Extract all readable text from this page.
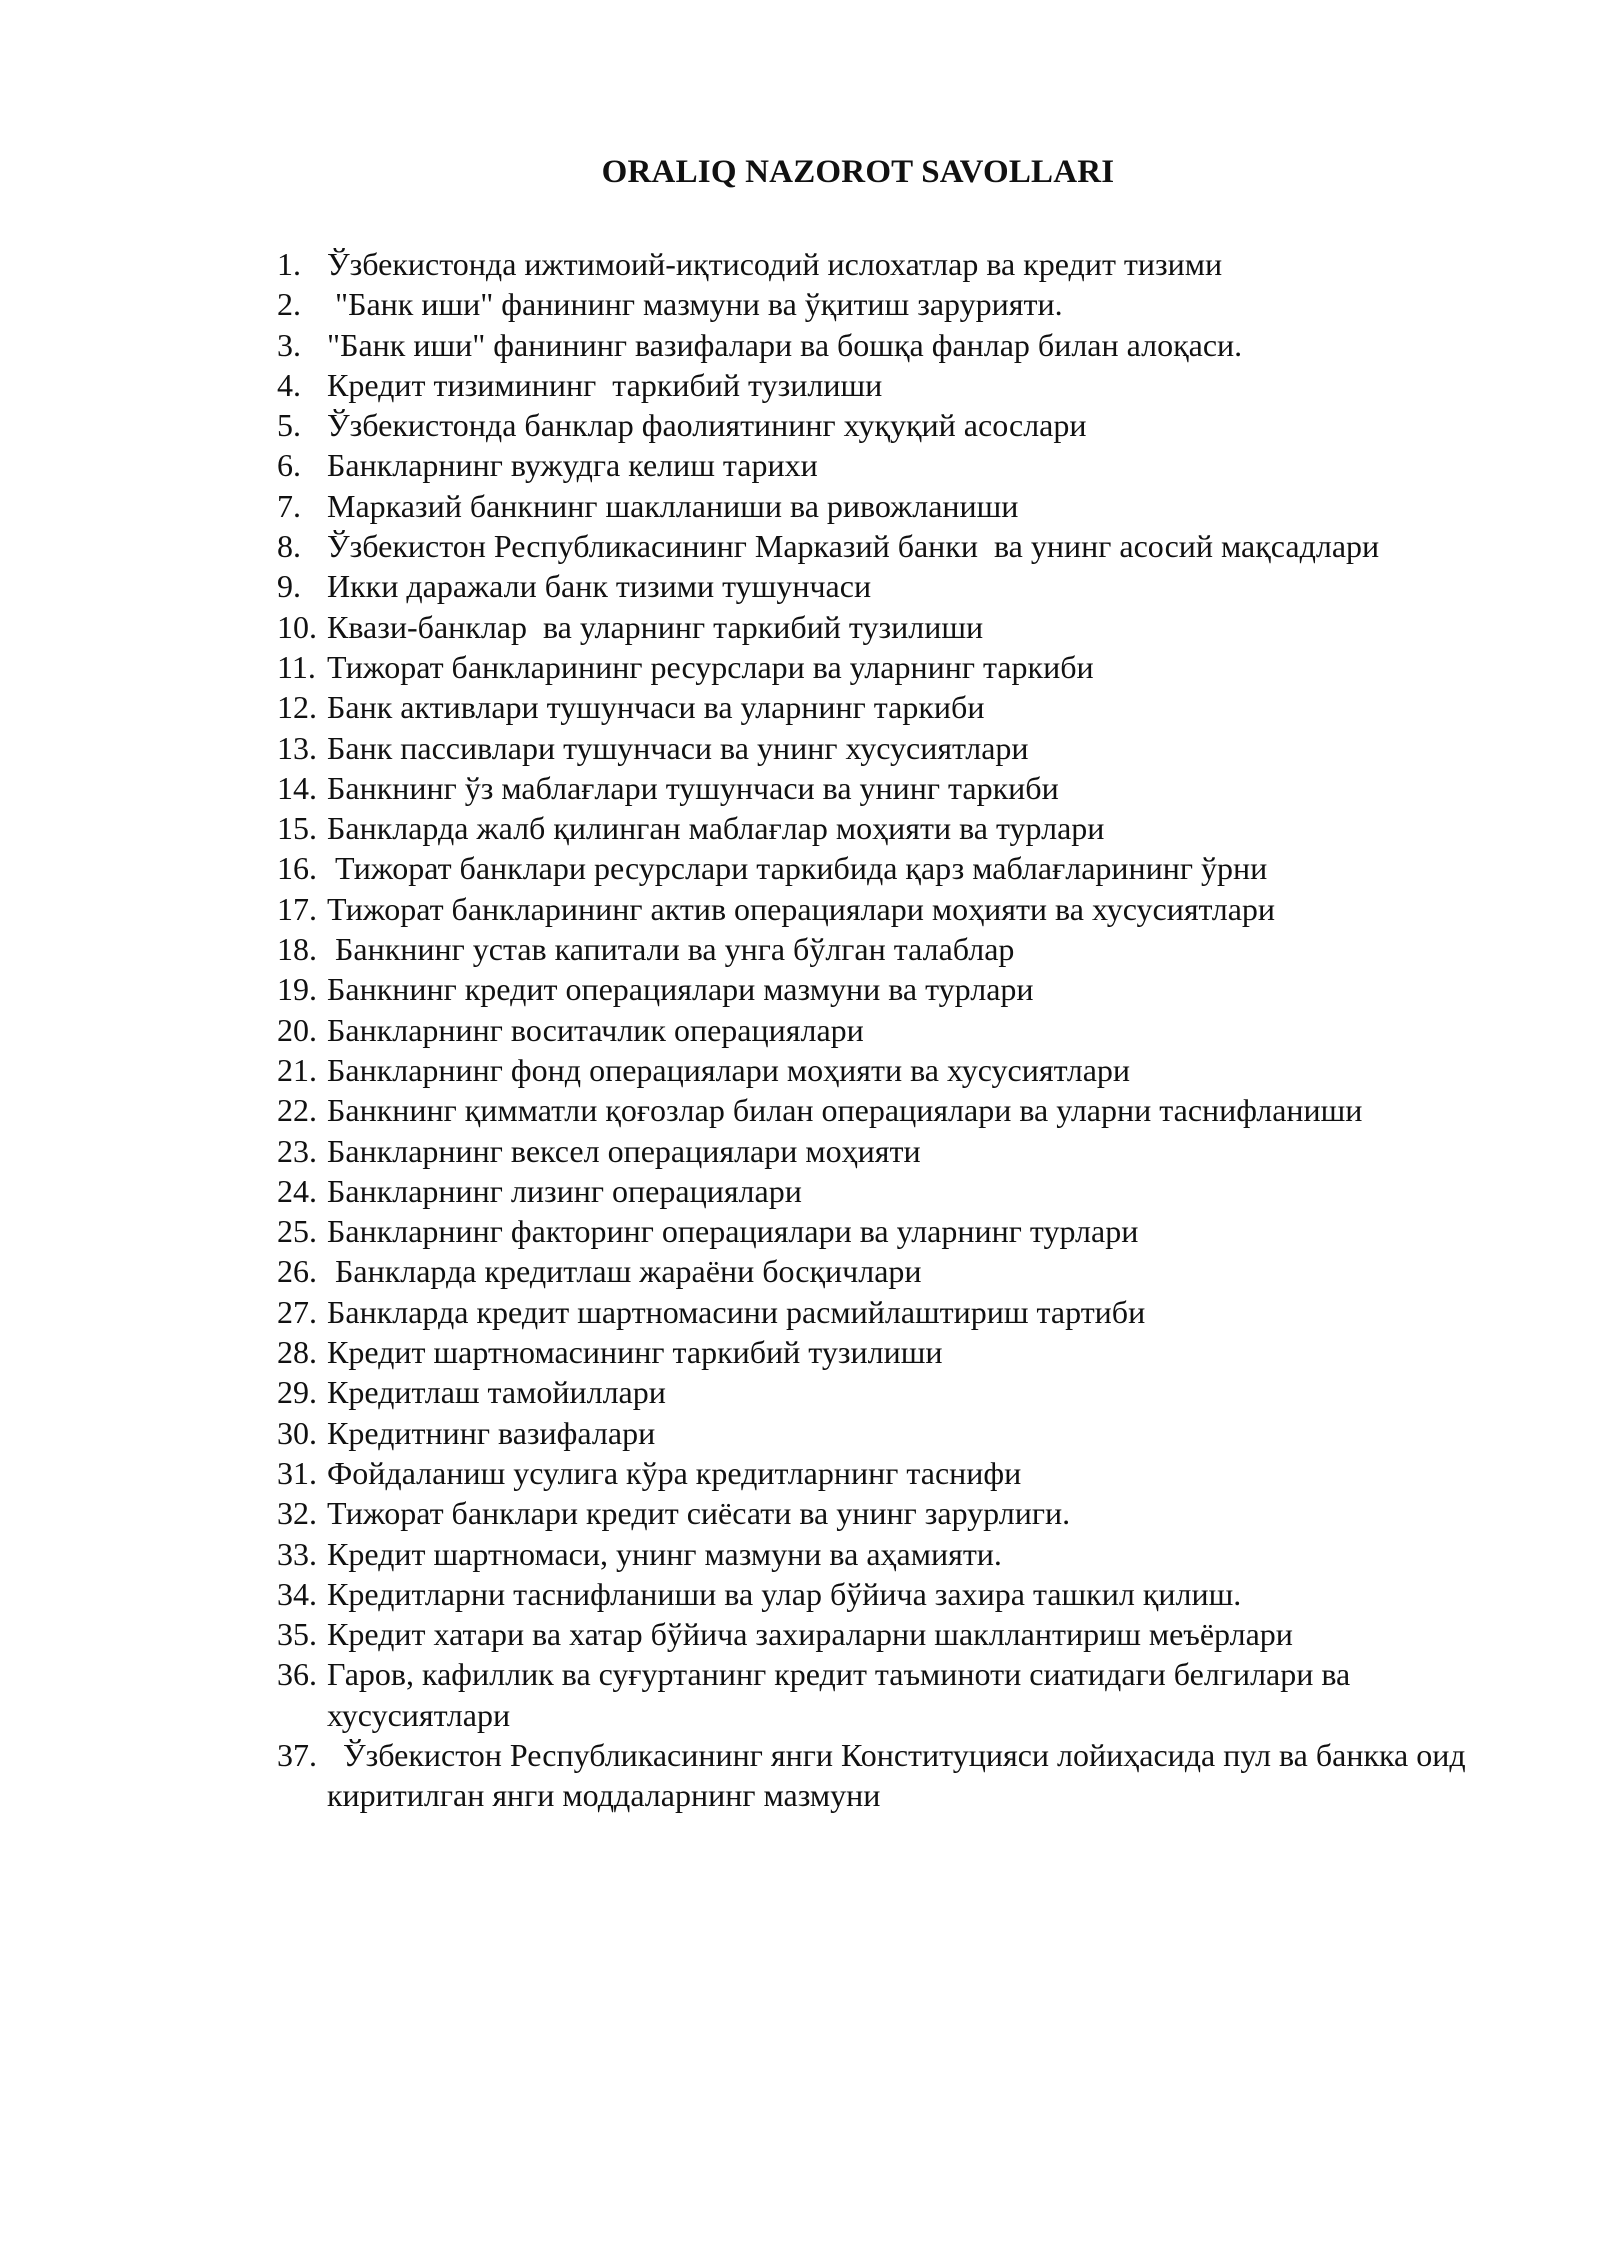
ORALIQ NAZOROT SAVOLLARI
1. Ўзбекистонда ижтимоий-иқтисодий ислохатлар ва кредит тизими
2. "Банк иши" фанининг мазмуни ва ўқитиш зарурияти.
3. "Банк иши" фанининг вазифалари ва бошқа фанлар билан алоқаси.
4. Кредит тизимининг  таркибий тузилиши
5. Ўзбекистонда банклар фаолиятининг хуқуқий асослари
6. Банкларнинг вужудга келиш тарихи
7. Марказий банкнинг шаклланиши ва ривожланиши
8. Ўзбекистон Республикасининг Марказий банки  ва унинг асосий мақсадлари
9. Икки даражали банк тизими тушунчаси
10. Квази-банклар  ва уларнинг таркибий тузилиши
11. Тижорат банкларининг ресурслари ва уларнинг таркиби
12. Банк активлари тушунчаси ва уларнинг таркиби
13. Банк пассивлари тушунчаси ва унинг хусусиятлари
14. Банкнинг ўз маблағлари тушунчаси ва унинг таркиби
15. Банкларда жалб қилинган маблағлар моҳияти ва турлари
16. Тижорат банклари ресурслари таркибида қарз маблағларининг ўрни
17. Тижорат банкларининг актив операциялари моҳияти ва хусусиятлари
18. Банкнинг устав капитали ва унга бўлган талаблар
19. Банкнинг кредит операциялари мазмуни ва турлари
20. Банкларнинг воситачлик операциялари
21. Банкларнинг фонд операциялари моҳияти ва хусусиятлари
22. Банкнинг қимматли қоғозлар билан операциялари ва уларни таснифланиши
23. Банкларнинг вексел операциялари моҳияти
24. Банкларнинг лизинг операциялари
25. Банкларнинг факторинг операциялари ва уларнинг турлари
26. Банкларда кредитлаш жараёни босқичлари
27. Банкларда кредит шартномасини расмийлаштириш тартиби
28. Кредит шартномасининг таркибий тузилиши
29. Кредитлаш тамойиллари
30. Кредитнинг вазифалари
31. Фойдаланиш усулига кўра кредитларнинг таснифи
32. Тижорат банклари кредит сиёсати ва унинг зарурлиги.
33. Кредит шартномаси, унинг мазмуни ва аҳамияти.
34. Кредитларни таснифланиши ва улар бўйича захира ташкил қилиш.
35. Кредит хатари ва хатар бўйича захираларни шакллантириш меъёрлари
36. Гаров, кафиллик ва суғуртанинг кредит таъминоти сиатидаги белгилари ва хусусиятлари
37. Ўзбекистон Республикасининг янги Конституцияси лойиҳасида пул ва банкка оид киритилган янги моддаларнинг мазмуни
